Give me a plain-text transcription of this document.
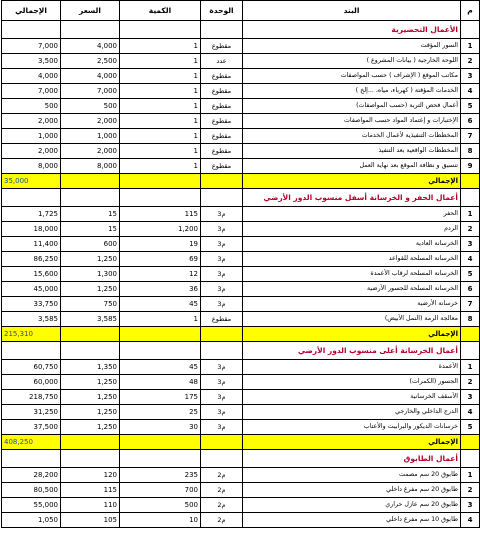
الإجمالي	السعر	الكمية	الوحدة	البند	م
				الأعمال التحضيرية	
7,000	4,000	1	مقطوع	السور المؤقت	1
3,500	2,500	1	عدد	اللوحة الخارجية ( بيانات المشروع )	2
4,000	4,000	1	مقطوع	مكاتب الموقع ( الإشراف ) حسب المواصفات	3
7,000	7,000	1	مقطوع	الخدمات المؤقتة ( كهرباء، مياه، ...إلخ )	4
500	500	1	مقطوع	أعمال فحص التربة (حسب المواصفات)	5
2,000	2,000	1	مقطوع	الإختبارات و إعتماد المواد حسب المواصفات	6
1,000	1,000	1	مقطوع	المخططات التنفيذية لأعمال الخدمات	7
2,000	2,000	1	مقطوع	المخططات الواقعية بعد التنفيذ	8
8,000	8,000	1	مقطوع	تنسيق و نظافة الموقع بعد نهاية العمل	9
35,000				الإجمالي	
				أعمال الحفر و الخرسانة أسفل منسوب الدور الأرضي	
1,725	15	115	م3	الحفر	1
18,000	15	1,200	م3	الردم	2
11,400	600	19	م3	الخرسانة العادية	3
86,250	1,250	69	م3	الخرسانة المسلحة للقواعد	4
15,600	1,300	12	م3	الخرسانة المسلحة لرقاب الأعمدة	5
45,000	1,250	36	م3	الخرسانة المسلحة للجسور الأرضية	6
33,750	750	45	م3	خرسانة الأرضية	7
3,585	3,585	1	مقطوع	معالجة الرمة (النمل الأبيض)	8
215,310				الإجمالي	
				أعمال الخرسانة أعلى منسوب الدور الأرضي	
60,750	1,350	45	م3	الأعمدة	1
60,000	1,250	48	م3	الجسور (الكمرات)	2
218,750	1,250	175	م3	الأسقف الخرسانية	3
31,250	1,250	25	م3	الدرج الداخلي والخارجي	4
37,500	1,250	30	م3	خرسانات الديكور والبرابيت والأعتاب	5
408,250				الإجمالي	
				أعمال الطابوق	
28,200	120	235	م2	طابوق 20 سم مصمت	1
80,500	115	700	م2	طابوق 20 سم مفرغ داخلي	2
55,000	110	500	م2	طابوق 20 سم عازل حراري	3
1,050	105	10	م2	طابوق 10 سم مفرغ داخلي	4
